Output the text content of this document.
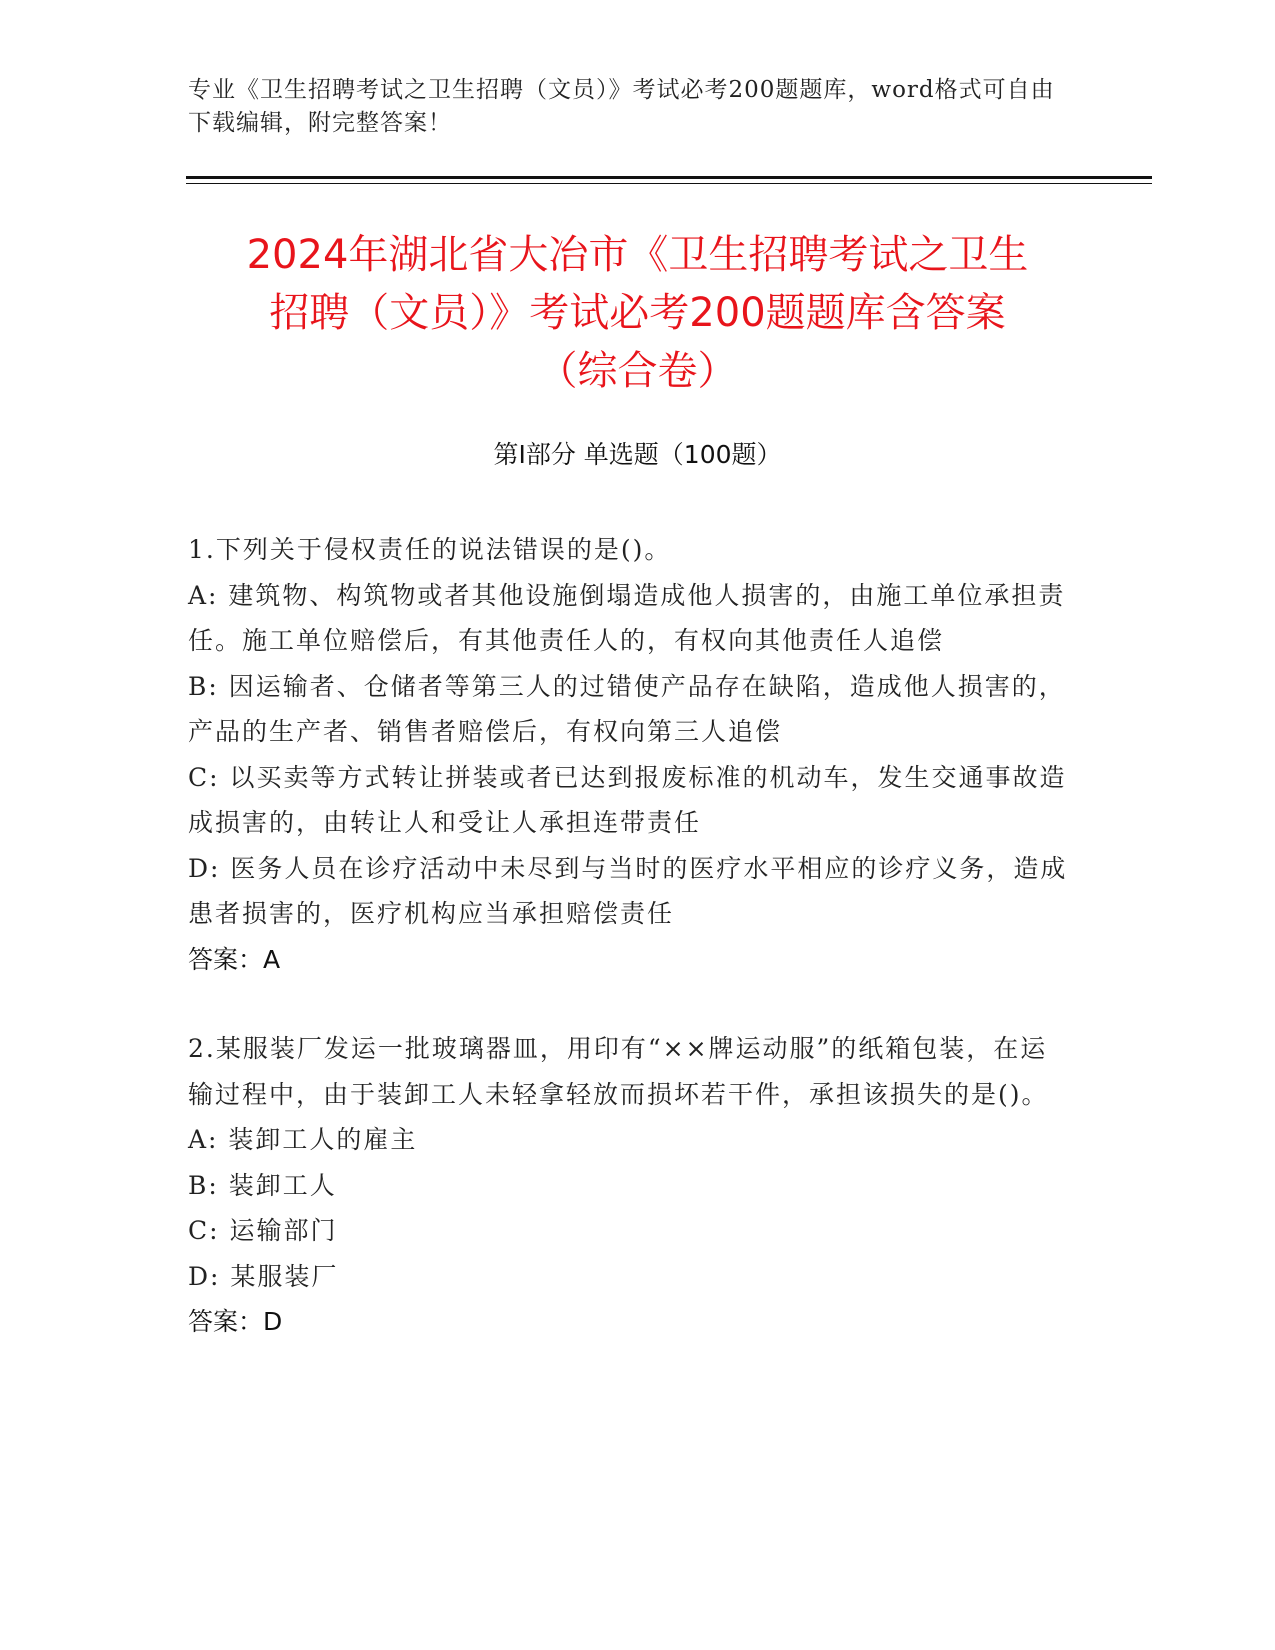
专业《卫生招聘考试之卫生招聘（文员）》考试必考200题题库，word格式可自由下载编辑，附完整答案！
2024年湖北省大冶市《卫生招聘考试之卫生
招聘（文员）》考试必考200题题库含答案
（综合卷）
第I部分 单选题（100题）

1.下列关于侵权责任的说法错误的是()。

A: 建筑物、构筑物或者其他设施倒塌造成他人损害的，由施工单位承担责任。施工单位赔偿后，有其他责任人的，有权向其他责任人追偿

B: 因运输者、仓储者等第三人的过错使产品存在缺陷，造成他人损害的，产品的生产者、销售者赔偿后，有权向第三人追偿

C: 以买卖等方式转让拼装或者已达到报废标准的机动车，发生交通事故造成损害的，由转让人和受让人承担连带责任

D: 医务人员在诊疗活动中未尽到与当时的医疗水平相应的诊疗义务，造成患者损害的，医疗机构应当承担赔偿责任

答案：A

2.某服装厂发运一批玻璃器皿，用印有“××牌运动服”的纸箱包装，在运输过程中，由于装卸工人未轻拿轻放而损坏若干件，承担该损失的是()。

A: 装卸工人的雇主

B: 装卸工人

C: 运输部门

D: 某服装厂

答案：D
